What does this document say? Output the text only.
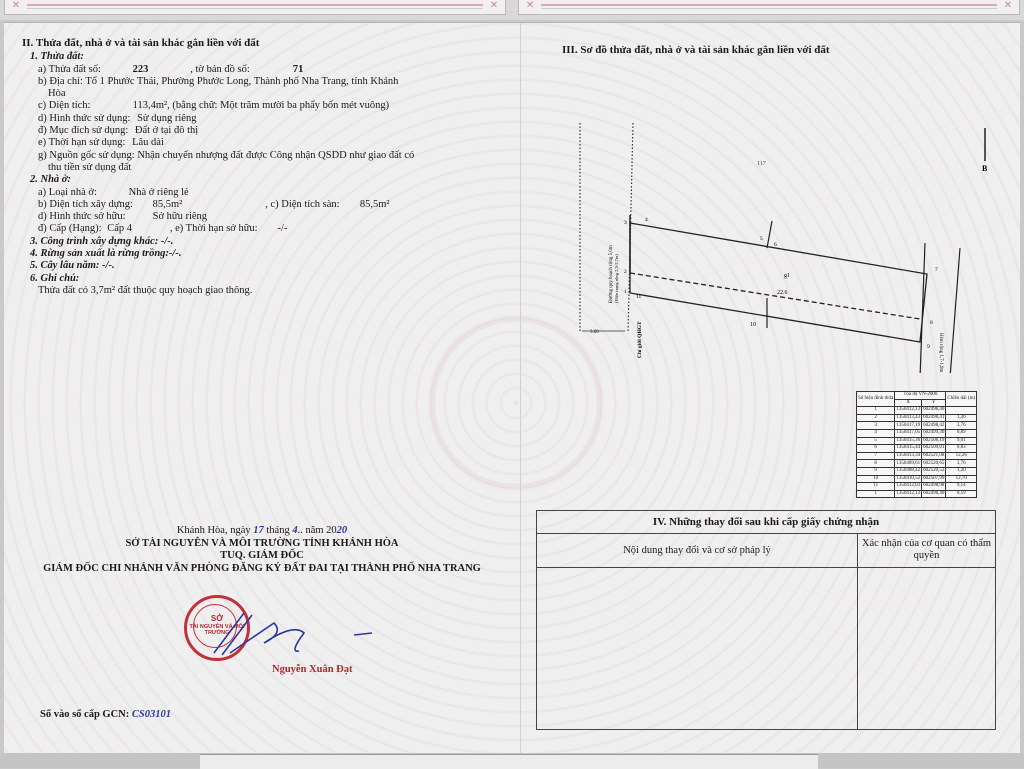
✕	✕	✕	✕
II. Thửa đất, nhà ở và tài sản khác gắn liền với đất
1. Thửa đất:
a) Thửa đất số:	223	, tờ bản đồ số:	71
b) Địa chỉ: Tổ 1 Phước Thái, Phường Phước Long, Thành phố Nha Trang, tỉnh Khánh
Hòa
c) Diện tích:	113,4m², (bằng chữ: Một trăm mười ba phẩy bốn mét vuông)
d) Hình thức sử dụng: Sử dụng riêng
đ) Mục đích sử dụng: Đất ở tại đô thị
e) Thời hạn sử dụng: Lâu dài
g) Nguồn gốc sử dụng: Nhận chuyển nhượng đất được Công nhận QSDD như giao đất có
thu tiền sử dụng đất
2. Nhà ở:
a) Loại nhà ở:	Nhà ở riêng lẻ
b) Diện tích xây dựng: 85,5m²	, c) Diện tích sàn: 85,5m²
d) Hình thức sở hữu:	Sở hữu riêng
đ) Cấp (Hạng): Cấp 4	, e) Thời hạn sở hữu: -/-
3. Công trình xây dựng khác: -/-.
4. Rừng sản xuất là rừng trồng:-/-.
5. Cây lâu năm: -/-.
6. Ghi chú:
Thửa đất có 3,7m² đất thuộc quy hoạch giao thông.
Khánh Hòa, ngày 17 tháng 4.. năm 2020
SỞ TÀI NGUYÊN VÀ MÔI TRƯỜNG TỈNH KHÁNH HÒA
TUQ. GIÁM ĐỐC
GIÁM ĐỐC CHI NHÁNH VĂN PHÒNG ĐĂNG KÝ ĐẤT ĐAI TẠI THÀNH PHỐ NHA TRANG
SỞ
TÀI NGUYÊN VÀ MÔI TRƯỜNG
Nguyễn Xuân Đạt
Số vào sổ cấp GCN: CS03101
III. Sơ đồ thửa đất, nhà ở và tài sản khác gắn liền với đất
B
117
3	4
5
6
7
8
9
2
1
11
10
g1
22.6
3.00
Đường quy hoạch rộng 5,0m (Hiện trạng rộng 2,3-2,7m)
Chỉ giới QHGT	Hẻm rộng 1,7-1,9m
Số hiệu đỉnh thửa	Tọa độ VN-2000		Chiều dài (m)
	X	Y	
1	1350412,13	602498,40	
2	1350413,43	602498,41	1,30
3	1350417,19	602498,42	3,76
4	1350417,05	602499,30	0,89
5	1350415,36	602508,19	9,01
6	1350415,44	602509,01	0,83
7	1350413,34	602521,08	12,26
8	1350409,61	602520,65	3,76
9	1350408,42	602520,52	1,20
10	1350410,52	602507,99	12,70
11	1350412,03	602498,98	9,14
1	1350412,13	602498,40	0,59
IV. Những thay đổi sau khi cấp giấy chứng nhận
Nội dung thay đổi và cơ sở pháp lý
Xác nhận của cơ quan có thẩm quyền
